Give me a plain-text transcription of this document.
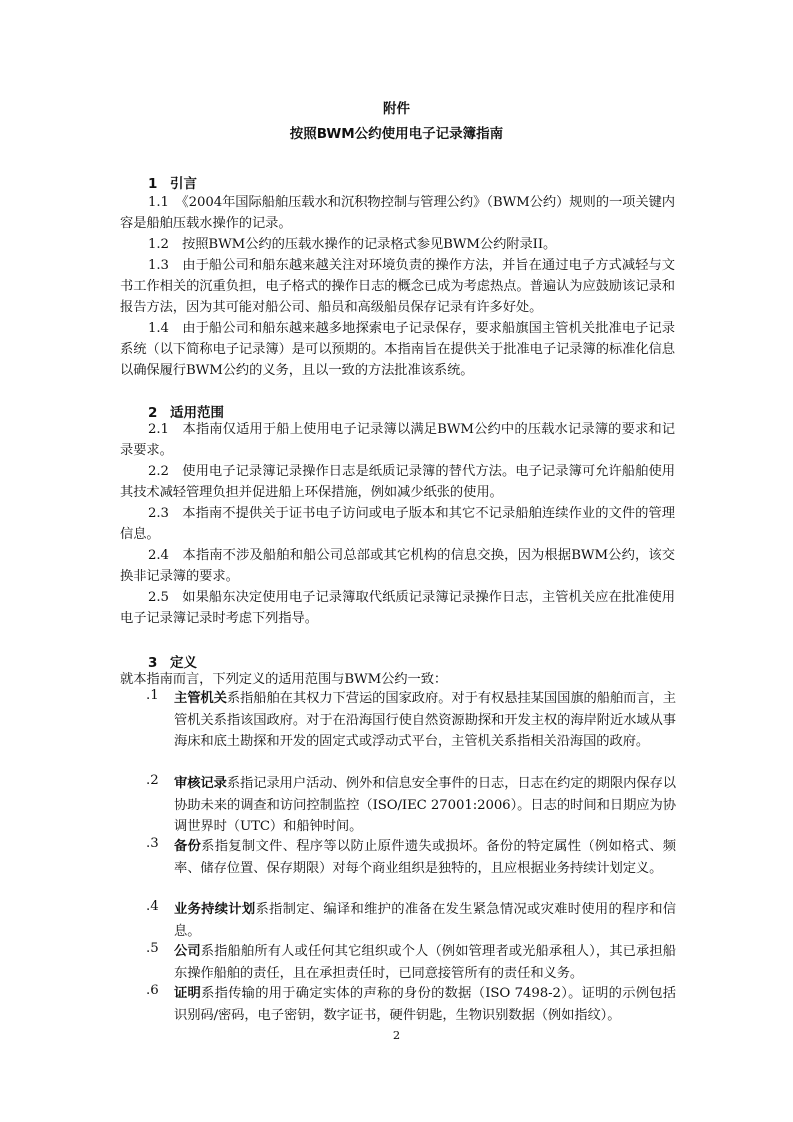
附件
按照BWM公约使用电子记录簿指南
1 引言
1.1　《2004年国际船舶压载水和沉积物控制与管理公约》（BWM公约）规则的一项关键内容是船舶压载水操作的记录。
1.2　按照BWM公约的压载水操作的记录格式参见BWM公约附录II。
1.3　由于船公司和船东越来越关注对环境负责的操作方法，并旨在通过电子方式减轻与文书工作相关的沉重负担，电子格式的操作日志的概念已成为考虑热点。普遍认为应鼓励该记录和报告方法，因为其可能对船公司、船员和高级船员保存记录有许多好处。
1.4　由于船公司和船东越来越多地探索电子记录保存，要求船旗国主管机关批准电子记录系统（以下简称电子记录簿）是可以预期的。本指南旨在提供关于批准电子记录簿的标准化信息以确保履行BWM公约的义务，且以一致的方法批准该系统。
2 适用范围
2.1　本指南仅适用于船上使用电子记录簿以满足BWM公约中的压载水记录簿的要求和记录要求。
2.2　使用电子记录簿记录操作日志是纸质记录簿的替代方法。电子记录簿可允许船舶使用其技术减轻管理负担并促进船上环保措施，例如减少纸张的使用。
2.3　本指南不提供关于证书电子访问或电子版本和其它不记录船舶连续作业的文件的管理信息。
2.4　本指南不涉及船舶和船公司总部或其它机构的信息交换，因为根据BWM公约，该交换非记录簿的要求。
2.5　如果船东决定使用电子记录簿取代纸质记录簿记录操作日志，主管机关应在批准使用电子记录簿记录时考虑下列指导。
3 定义
就本指南而言，下列定义的适用范围与BWM公约一致：
.1	主管机关系指船舶在其权力下营运的国家政府。对于有权悬挂某国国旗的船舶而言，主管机关系指该国政府。对于在沿海国行使自然资源勘探和开发主权的海岸附近水域从事海床和底土勘探和开发的固定式或浮动式平台，主管机关系指相关沿海国的政府。
.2	审核记录系指记录用户活动、例外和信息安全事件的日志，日志在约定的期限内保存以协助未来的调查和访问控制监控（ISO/IEC 27001:2006）。日志的时间和日期应为协调世界时（UTC）和船钟时间。
.3	备份系指复制文件、程序等以防止原件遗失或损坏。备份的特定属性（例如格式、频率、储存位置、保存期限）对每个商业组织是独特的，且应根据业务持续计划定义。
.4	业务持续计划系指制定、编译和维护的准备在发生紧急情况或灾难时使用的程序和信息。
.5	公司系指船舶所有人或任何其它组织或个人（例如管理者或光船承租人），其已承担船东操作船舶的责任，且在承担责任时，已同意接管所有的责任和义务。
.6	证明系指传输的用于确定实体的声称的身份的数据（ISO 7498-2）。证明的示例包括识别码/密码，电子密钥，数字证书，硬件钥匙，生物识别数据（例如指纹）。
2
